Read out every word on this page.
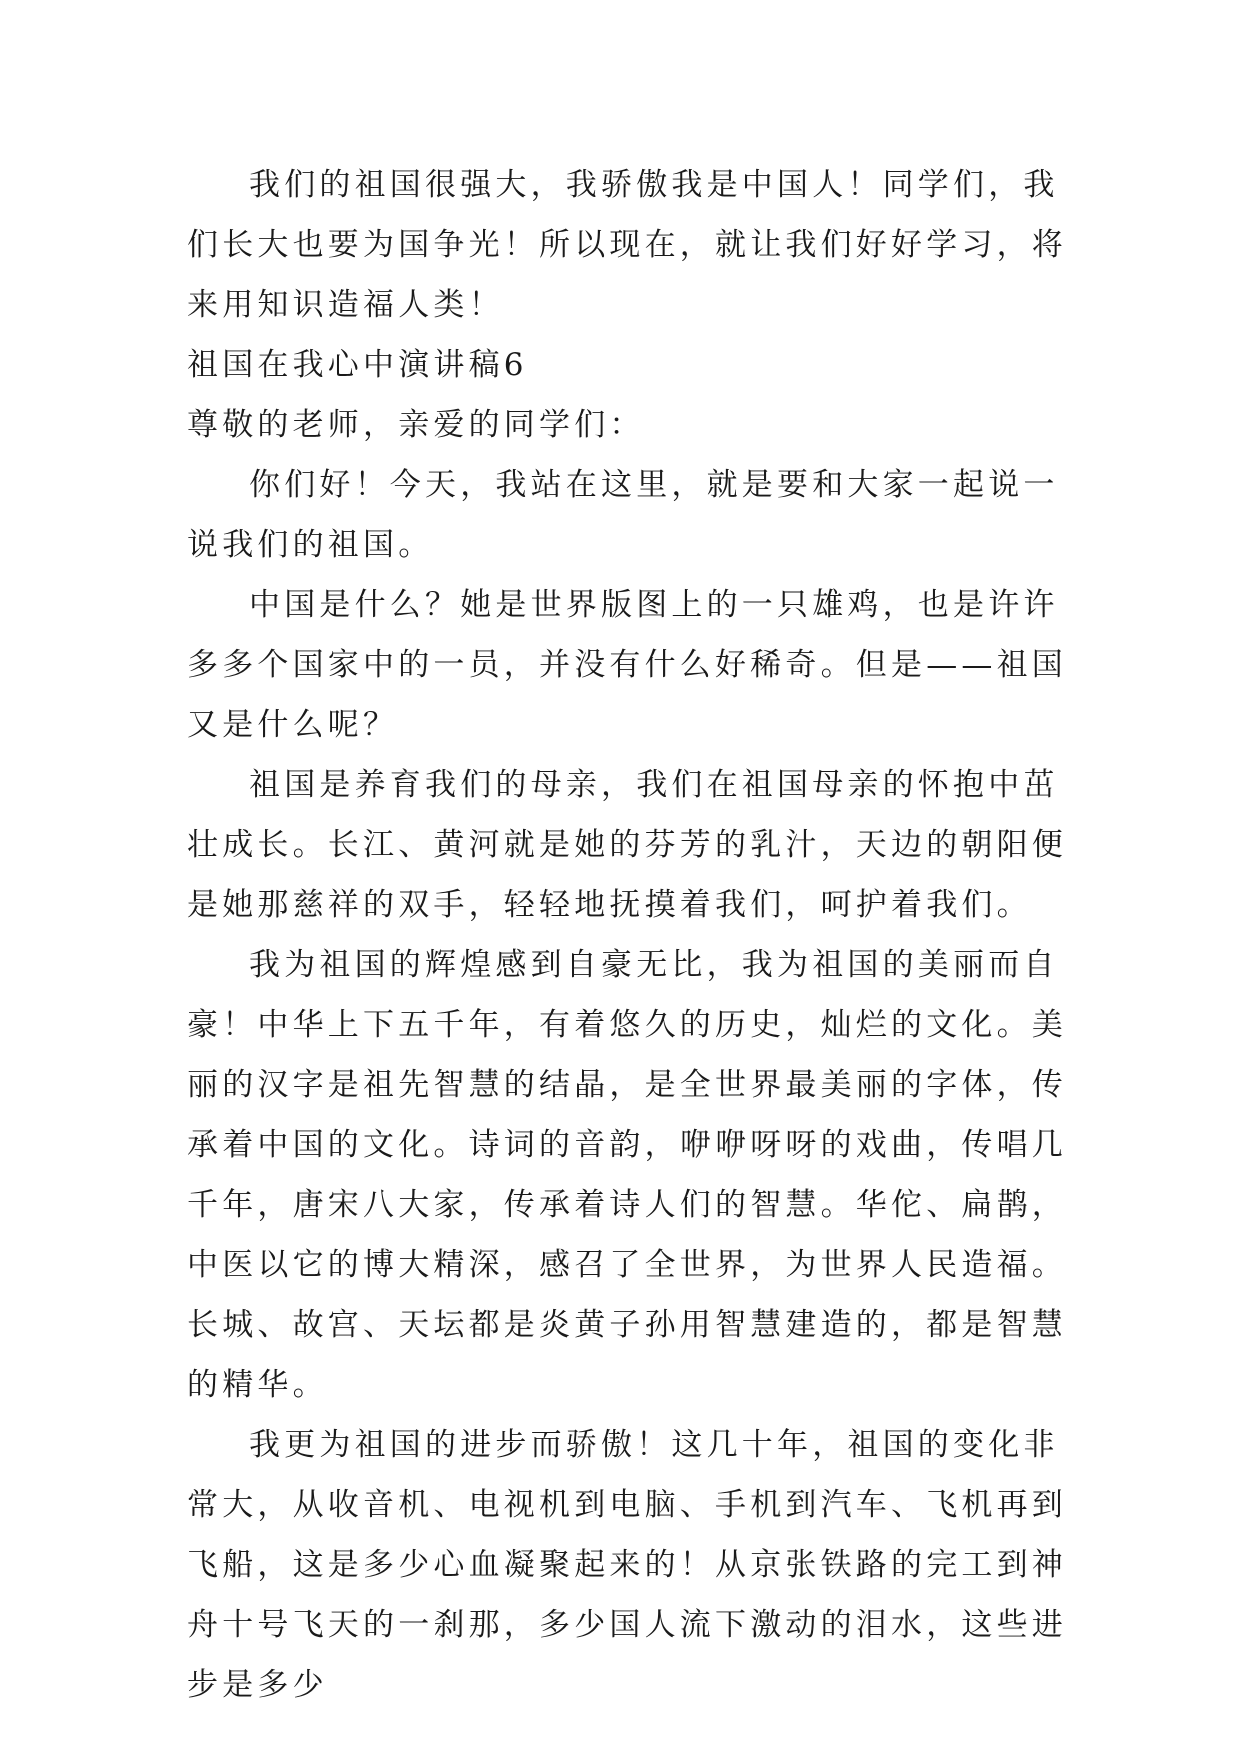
我们的祖国很强大，我骄傲我是中国人！同学们，我们长大也要为国争光！所以现在，就让我们好好学习，将来用知识造福人类！

祖国在我心中演讲稿6

尊敬的老师，亲爱的同学们：

你们好！今天，我站在这里，就是要和大家一起说一说我们的祖国。

中国是什么？她是世界版图上的一只雄鸡，也是许许多多个国家中的一员，并没有什么好稀奇。但是——祖国又是什么呢？

祖国是养育我们的母亲，我们在祖国母亲的怀抱中茁壮成长。长江、黄河就是她的芬芳的乳汁，天边的朝阳便是她那慈祥的双手，轻轻地抚摸着我们，呵护着我们。

我为祖国的辉煌感到自豪无比，我为祖国的美丽而自豪！中华上下五千年，有着悠久的历史，灿烂的文化。美丽的汉字是祖先智慧的结晶，是全世界最美丽的字体，传承着中国的文化。诗词的音韵，咿咿呀呀的戏曲，传唱几千年，唐宋八大家，传承着诗人们的智慧。华佗、扁鹊，中医以它的博大精深，感召了全世界，为世界人民造福。长城、故宫、天坛都是炎黄子孙用智慧建造的，都是智慧的精华。

我更为祖国的进步而骄傲！这几十年，祖国的变化非常大，从收音机、电视机到电脑、手机到汽车、飞机再到飞船，这是多少心血凝聚起来的！从京张铁路的完工到神舟十号飞天的一刹那，多少国人流下激动的泪水，这些进步是多少
